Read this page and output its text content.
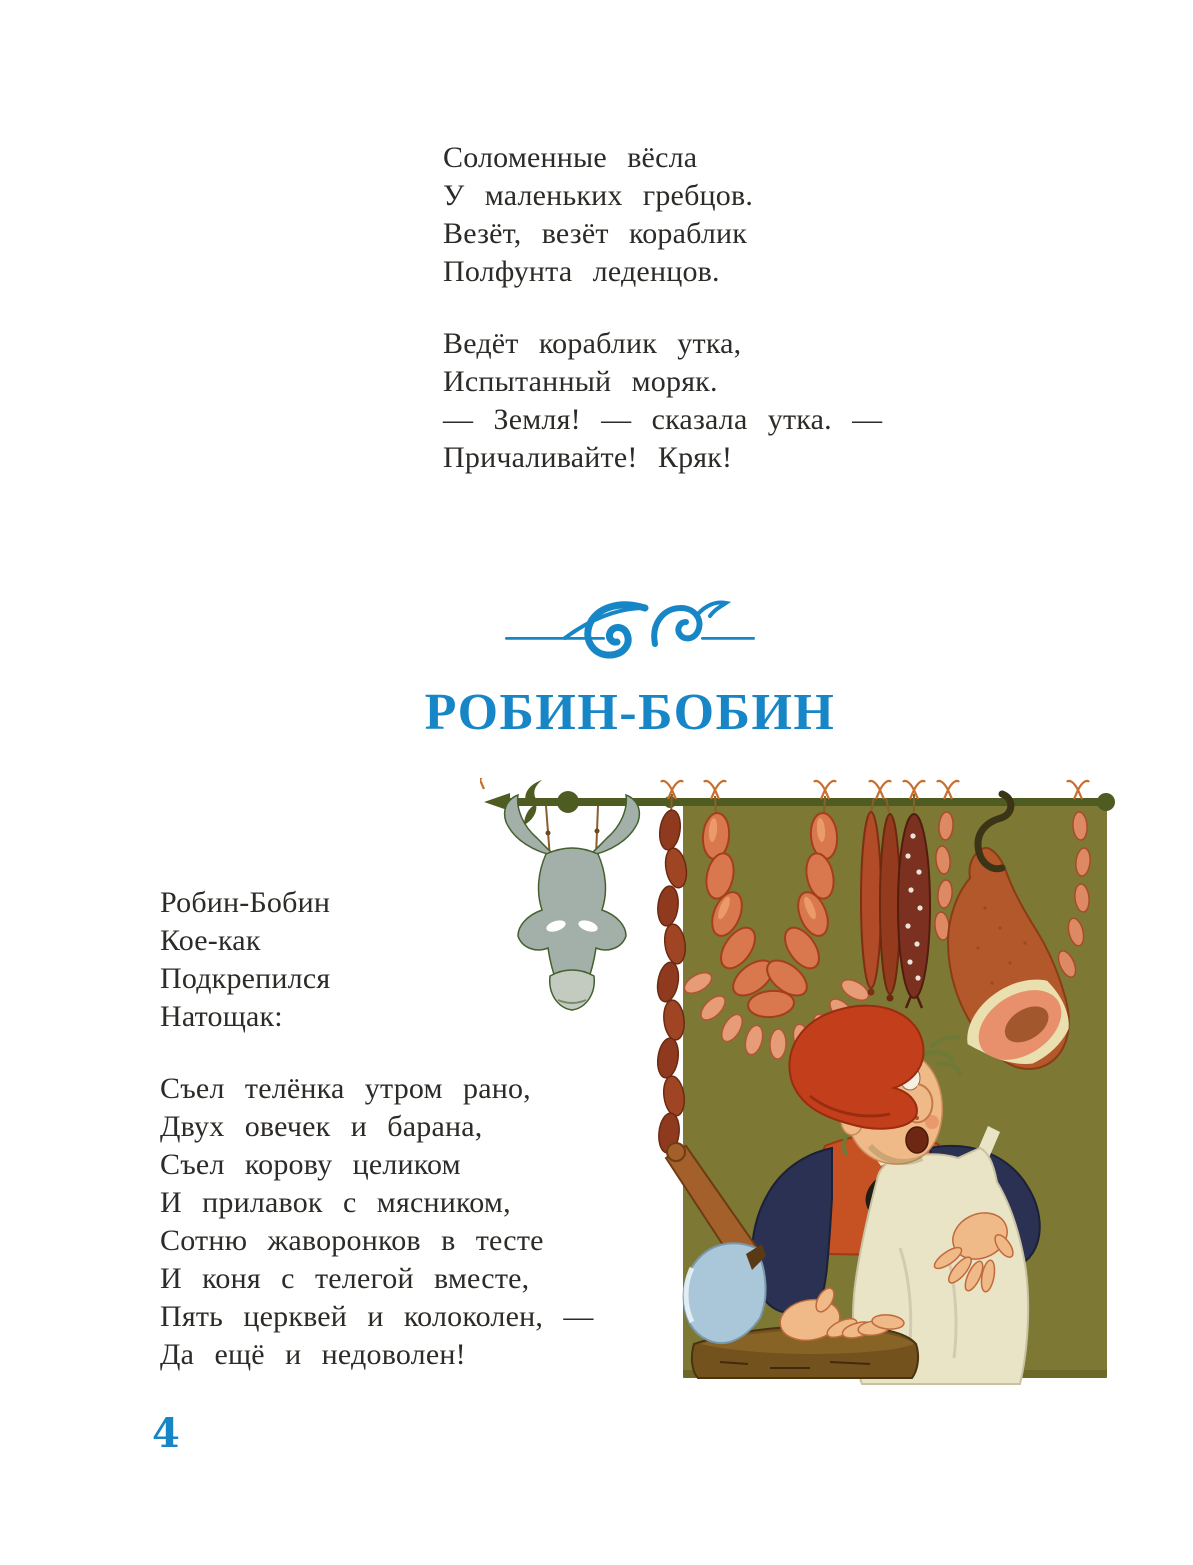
Соломенные вёсла
У маленьких гребцов.
Везёт, везёт кораблик
Полфунта леденцов.
Ведёт кораблик утка,
Испытанный моряк.
— Земля! — сказала утка. —
Причаливайте! Кряк!
РОБИН-БОБИН
Робин-Бобин
Кое-как
Подкрепился
Натощак:
Съел телёнка утром рано,
Двух овечек и барана,
Съел корову целиком
И прилавок с мясником,
Сотню жаворонков в тесте
И коня с телегой вместе,
Пять церквей и колоколен, —
Да ещё и недоволен!
4
